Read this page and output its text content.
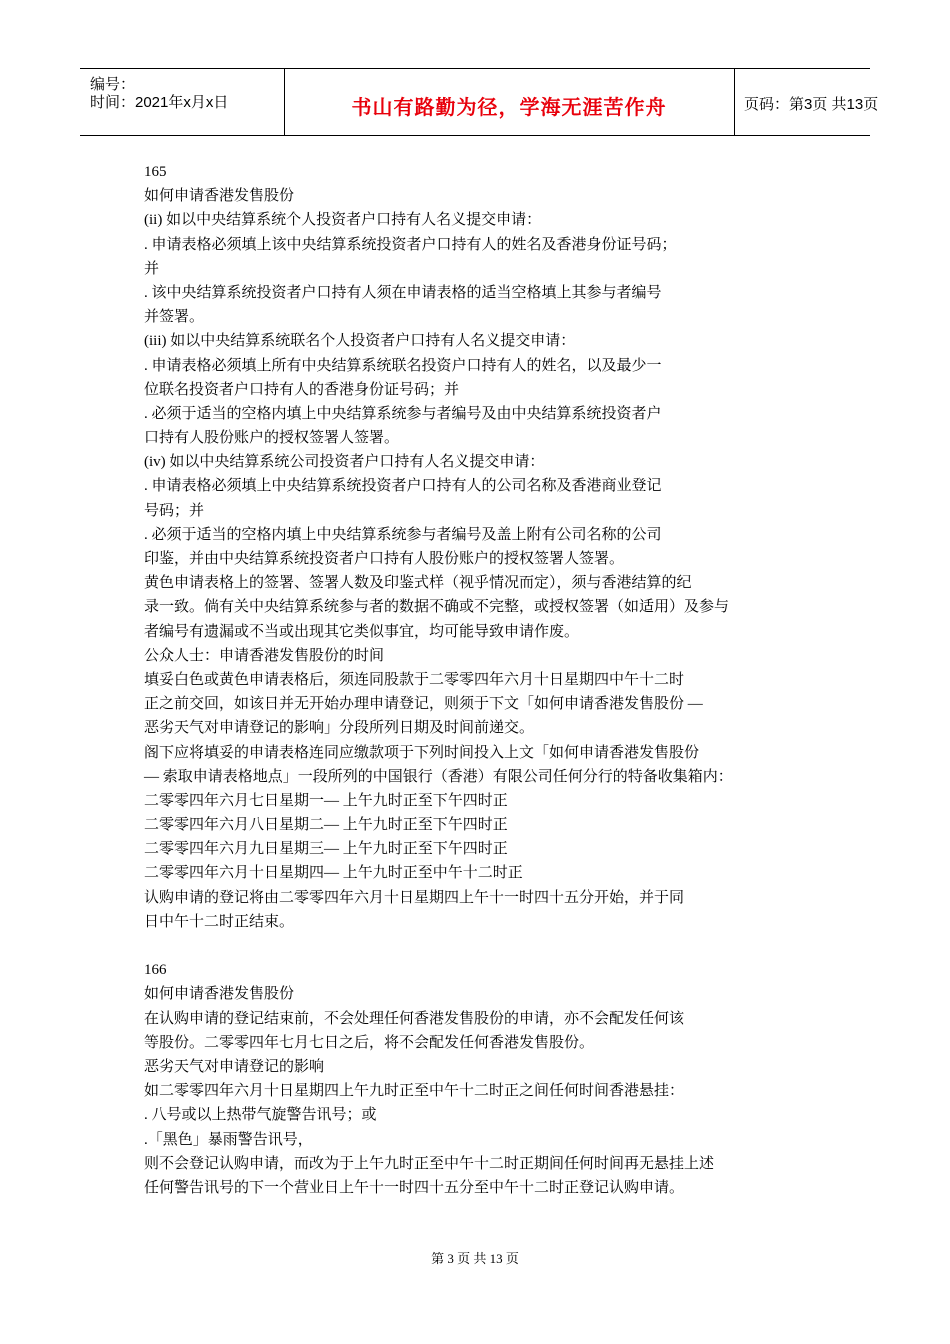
编号：
时间：2021年x月x日	书山有路勤为径，学海无涯苦作舟	页码：第3页 共13页
165
如何申请香港发售股份
(ii) 如以中央结算系统个人投资者户口持有人名义提交申请：
. 申请表格必须填上该中央结算系统投资者户口持有人的姓名及香港身份证号码；
并
. 该中央结算系统投资者户口持有人须在申请表格的适当空格填上其参与者编号
并签署。
(iii) 如以中央结算系统联名个人投资者户口持有人名义提交申请：
. 申请表格必须填上所有中央结算系统联名投资户口持有人的姓名，以及最少一
位联名投资者户口持有人的香港身份证号码；并
. 必须于适当的空格内填上中央结算系统参与者编号及由中央结算系统投资者户
口持有人股份账户的授权签署人签署。
(iv) 如以中央结算系统公司投资者户口持有人名义提交申请：
. 申请表格必须填上中央结算系统投资者户口持有人的公司名称及香港商业登记
号码；并
. 必须于适当的空格内填上中央结算系统参与者编号及盖上附有公司名称的公司
印鉴，并由中央结算系统投资者户口持有人股份账户的授权签署人签署。
黄色申请表格上的签署、签署人数及印鉴式样（视乎情况而定），须与香港结算的纪
录一致。倘有关中央结算系统参与者的数据不确或不完整，或授权签署（如适用）及参与
者编号有遗漏或不当或出现其它类似事宜，均可能导致申请作废。
公众人士：申请香港发售股份的时间
填妥白色或黄色申请表格后，须连同股款于二零零四年六月十日星期四中午十二时
正之前交回，如该日并无开始办理申请登记，则须于下文「如何申请香港发售股份 —
恶劣天气对申请登记的影响」分段所列日期及时间前递交。
阁下应将填妥的申请表格连同应缴款项于下列时间投入上文「如何申请香港发售股份
— 索取申请表格地点」一段所列的中国银行（香港）有限公司任何分行的特备收集箱内：
二零零四年六月七日星期一— 上午九时正至下午四时正
二零零四年六月八日星期二— 上午九时正至下午四时正
二零零四年六月九日星期三— 上午九时正至下午四时正
二零零四年六月十日星期四— 上午九时正至中午十二时正
认购申请的登记将由二零零四年六月十日星期四上午十一时四十五分开始，并于同
日中午十二时正结束。
166
如何申请香港发售股份
在认购申请的登记结束前，不会处理任何香港发售股份的申请，亦不会配发任何该
等股份。二零零四年七月七日之后，将不会配发任何香港发售股份。
恶劣天气对申请登记的影响
如二零零四年六月十日星期四上午九时正至中午十二时正之间任何时间香港悬挂：
. 八号或以上热带气旋警告讯号；或
.「黑色」暴雨警告讯号，
则不会登记认购申请，而改为于上午九时正至中午十二时正期间任何时间再无悬挂上述
任何警告讯号的下一个营业日上午十一时四十五分至中午十二时正登记认购申请。
第 3 页 共 13 页
